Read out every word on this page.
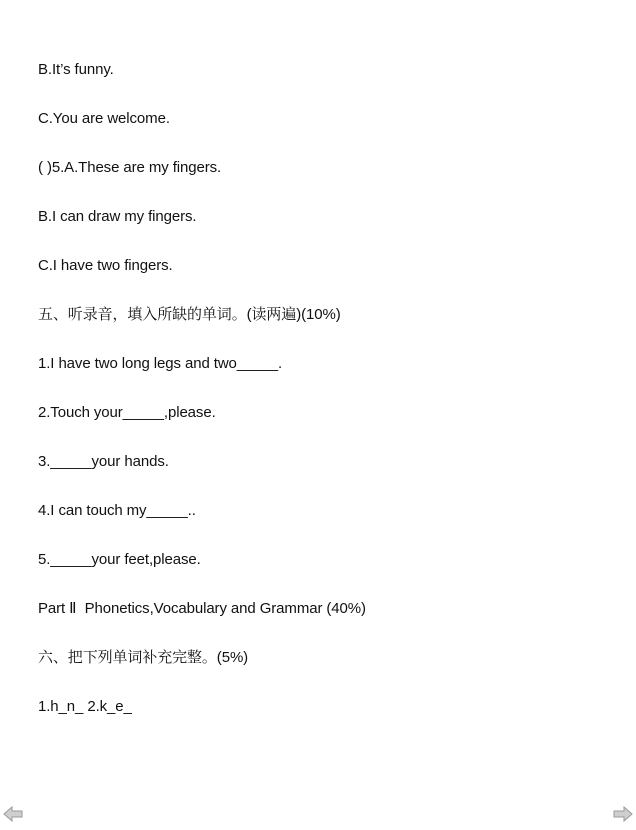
B.It’s funny.
C.You are welcome.
( )5.A.These are my fingers.
B.I can draw my fingers.
C.I have two fingers.
五、听录音，填入所缺的单词。(读两遍)(10%)
1.I have two long legs and two_____.
2.Touch your_____,please.
3._____your hands.
4.I can touch my_____..
5._____your feet,please.
Part Ⅱ  Phonetics,Vocabulary and Grammar (40%)
六、把下列单词补充完整。(5%)
1.h_n_ 2.k_e_
